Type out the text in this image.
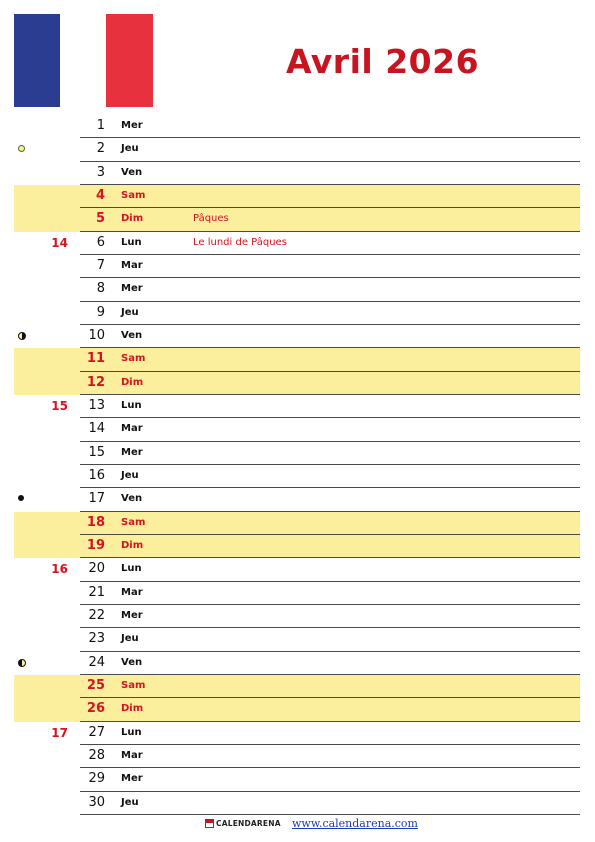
Avril 2026
1 Mer
2 Jeu
3 Ven
4 Sam
5 Dim	Pâques
14	6 Lun	Le lundi de Pâques
7 Mar
8 Mer
9 Jeu
10 Ven
11 Sam
12 Dim
15	13 Lun
14 Mar
15 Mer
16 Jeu
17 Ven
18 Sam
19 Dim
16	20 Lun
21 Mar
22 Mer
23 Jeu
24 Ven
25 Sam
26 Dim
17	27 Lun
28 Mar
29 Mer
30 Jeu
CALENDARENA www.calendarena.com
